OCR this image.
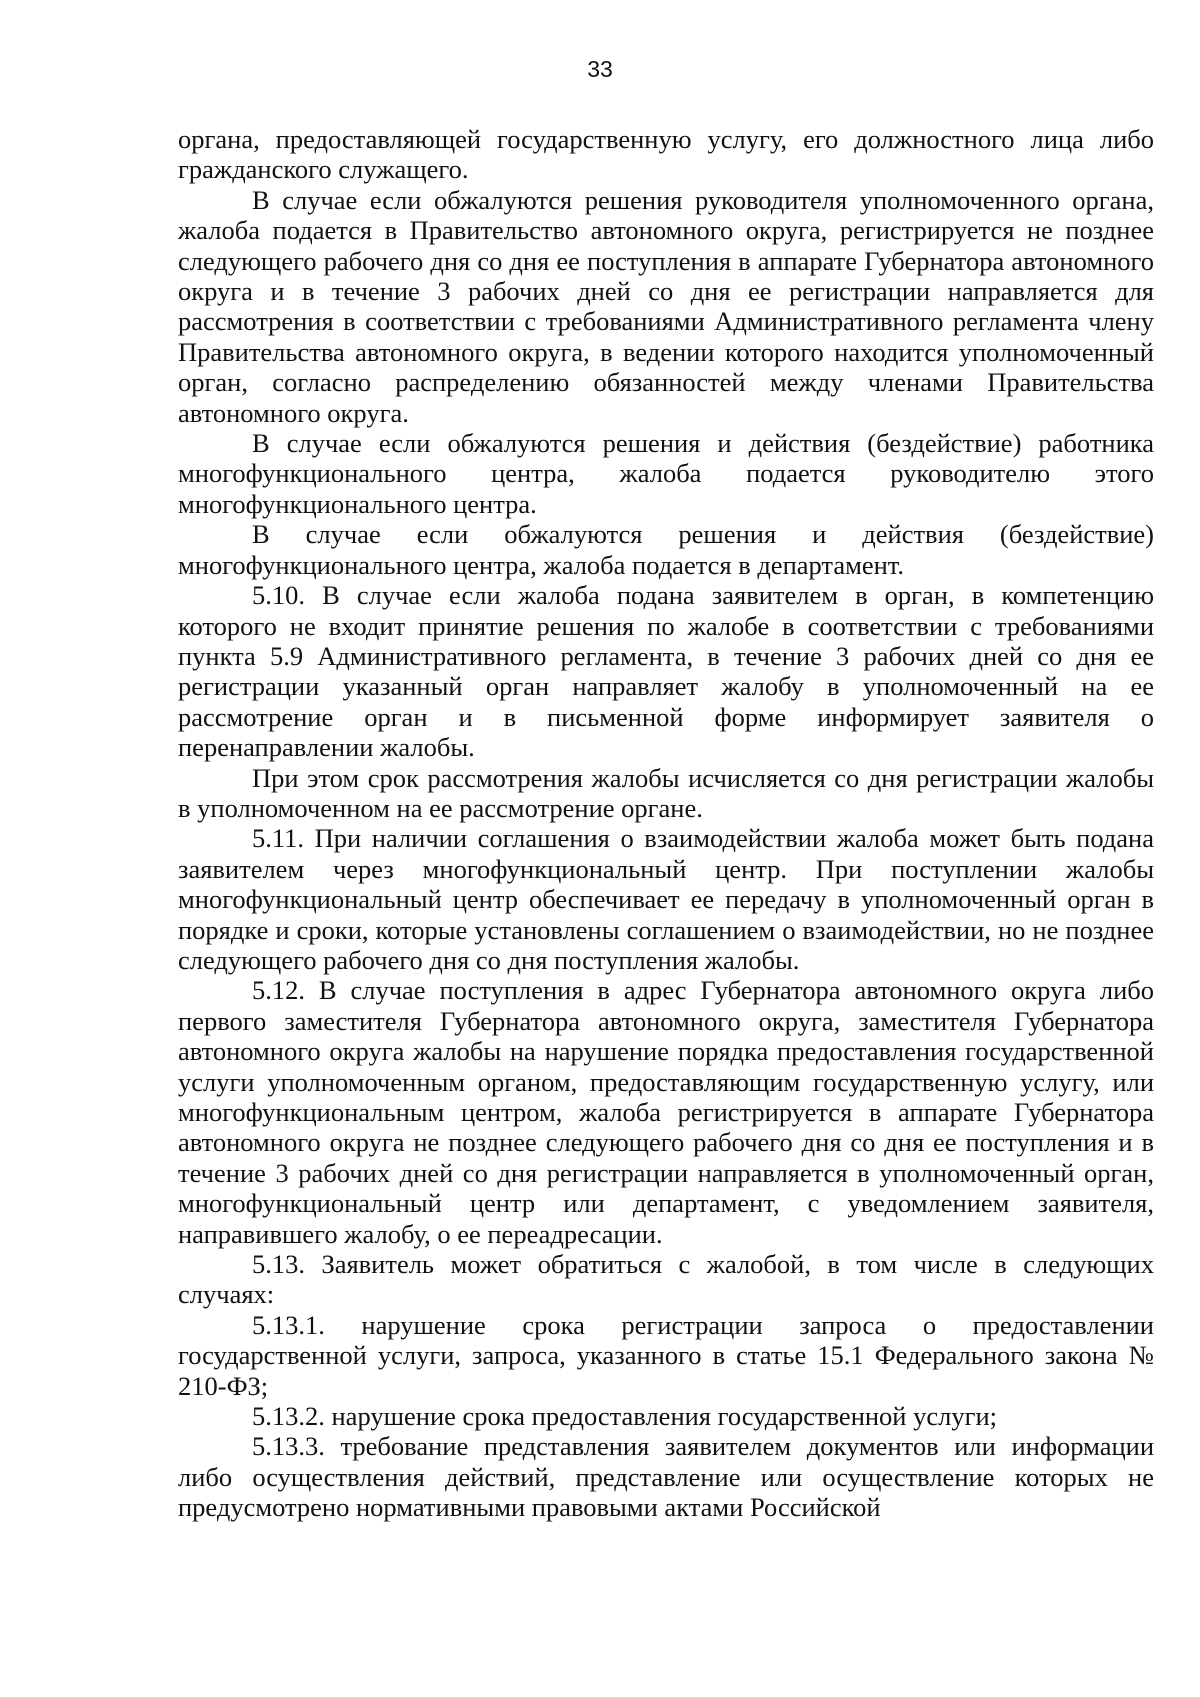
33

органа, предоставляющей государственную услугу, его должностного лица либо гражданского служащего.

В случае если обжалуются решения руководителя уполномоченного органа, жалоба подается в Правительство автономного округа, регистрируется не позднее следующего рабочего дня со дня ее поступления в аппарате Губернатора автономного округа и в течение 3 рабочих дней со дня ее регистрации направляется для рассмотрения в соответствии с требованиями Административного регламента члену Правительства автономного округа, в ведении которого находится уполномоченный орган, согласно распределению обязанностей между членами Правительства автономного округа.

В случае если обжалуются решения и действия (бездействие) работника многофункционального центра, жалоба подается руководителю этого многофункционального центра.

В случае если обжалуются решения и действия (бездействие) многофункционального центра, жалоба подается в департамент.

5.10. В случае если жалоба подана заявителем в орган, в компетенцию которого не входит принятие решения по жалобе в соответствии с требованиями пункта 5.9 Административного регламента, в течение 3 рабочих дней со дня ее регистрации указанный орган направляет жалобу в уполномоченный на ее рассмотрение орган и в письменной форме информирует заявителя о перенаправлении жалобы.

При этом срок рассмотрения жалобы исчисляется со дня регистрации жалобы в уполномоченном на ее рассмотрение органе.

5.11. При наличии соглашения о взаимодействии жалоба может быть подана заявителем через многофункциональный центр. При поступлении жалобы многофункциональный центр обеспечивает ее передачу в уполномоченный орган в порядке и сроки, которые установлены соглашением о взаимодействии, но не позднее следующего рабочего дня со дня поступления жалобы.

5.12. В случае поступления в адрес Губернатора автономного округа либо первого заместителя Губернатора автономного округа, заместителя Губернатора автономного округа жалобы на нарушение порядка предоставления государственной услуги уполномоченным органом, предоставляющим государственную услугу, или многофункциональным центром, жалоба регистрируется в аппарате Губернатора автономного округа не позднее следующего рабочего дня со дня ее поступления и в течение 3 рабочих дней со дня регистрации направляется в уполномоченный орган, многофункциональный центр или департамент, с уведомлением заявителя, направившего жалобу, о ее переадресации.

5.13. Заявитель может обратиться с жалобой, в том числе в следующих случаях:

5.13.1. нарушение срока регистрации запроса о предоставлении государственной услуги, запроса, указанного в статье 15.1 Федерального закона № 210-ФЗ;

5.13.2. нарушение срока предоставления государственной услуги;

5.13.3. требование представления заявителем документов или информации либо осуществления действий, представление или осуществление которых не предусмотрено нормативными правовыми актами Российской
